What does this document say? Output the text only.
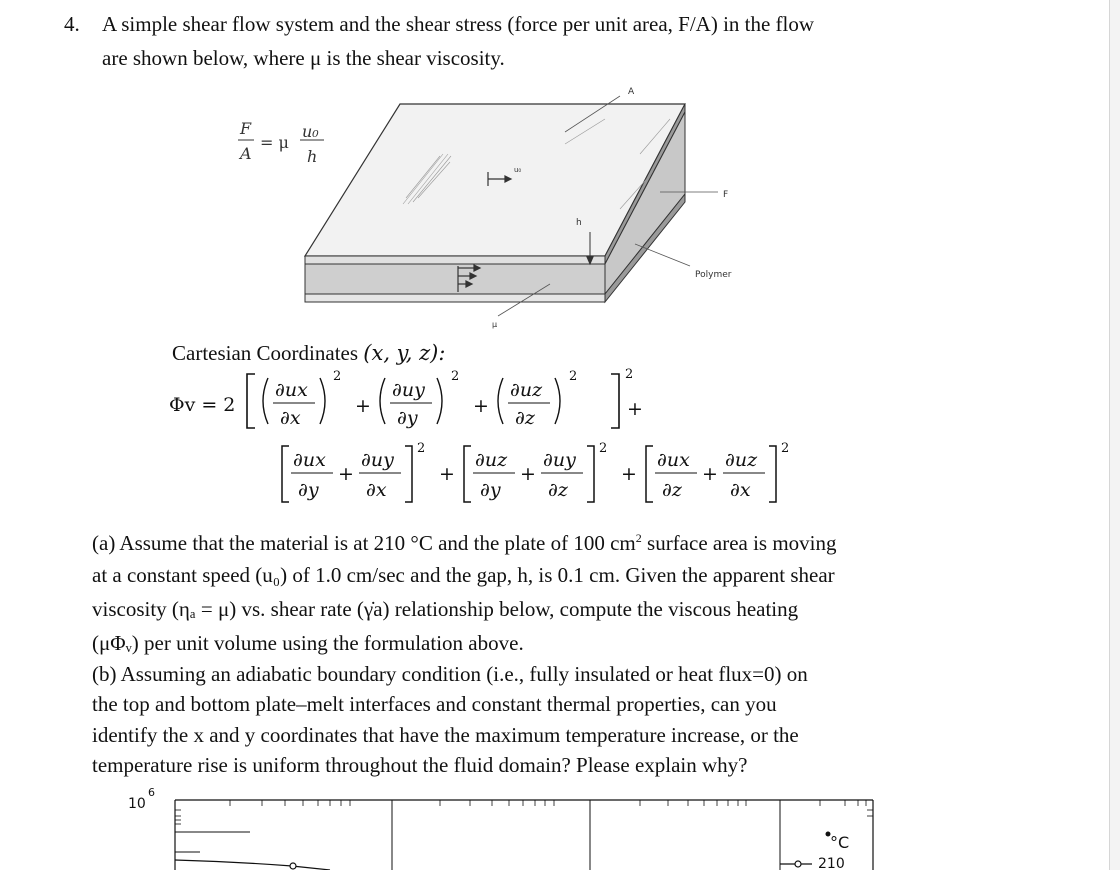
4. A simple shear flow system and the shear stress (force per unit area, F/A) in the flow
are shown below, where μ is the shear viscosity.
F
A
= μ
u₀
h
A
F
h
u₀
μ
Polymer
Cartesian Coordinates (x, y, z):
Φv = 2
2
+
∂ux
∂x
2
+
∂uy
∂y
2
+
∂uz
∂z
2
∂ux
∂y
+
∂uy
∂x
2
+
∂uz
∂y
+
∂uy
∂z
2
+
∂ux
∂z
+
∂uz
∂x
2
(a) Assume that the material is at 210 °C and the plate of 100 $cm^2$ surface area is moving
at a constant speed (u₀) of 1.0 cm/sec and the gap, h, is 0.1 cm. Given the apparent shear
viscosity (ηₐ = μ) vs. shear rate (γ̇a) relationship below, compute the viscous heating
(μΦᵥ) per unit volume using the formulation above.
(b) Assuming an adiabatic boundary condition (i.e., fully insulated or heat flux=0) on
the top and bottom plate–melt interfaces and constant thermal properties, can you
identify the x and y coordinates that have the maximum temperature increase, or the
temperature rise is uniform throughout the fluid domain? Please explain why?
10
6
°C
210
